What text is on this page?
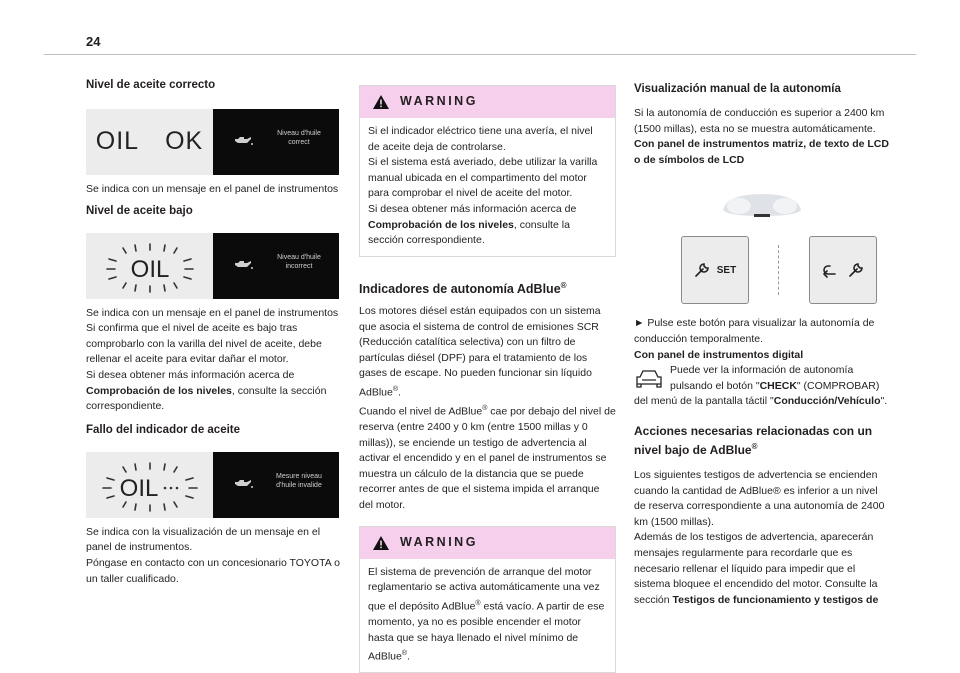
24
Nivel de aceite correcto
OIL OK	Niveau d'huile correct

Se indica con un mensaje en el panel de instrumentos

Nivel de aceite bajo
OIL	Niveau d'huile incorrect

Se indica con un mensaje en el panel de instrumentos

Si confirma que el nivel de aceite es bajo tras comprobarlo con la varilla del nivel de aceite, debe rellenar el aceite para evitar dañar el motor.

Si desea obtener más información acerca de Comprobación de los niveles, consulte la sección correspondiente.

Fallo del indicador de aceite
OIL	Mesure niveau d'huile invalide

Se indica con la visualización de un mensaje en el panel de instrumentos.

Póngase en contacto con un concesionario TOYOTA o un taller cualificado.

WARNING

Si el indicador eléctrico tiene una avería, el nivel de aceite deja de controlarse.

Si el sistema está averiado, debe utilizar la varilla manual ubicada en el compartimento del motor para comprobar el nivel de aceite del motor.

Si desea obtener más información acerca de Comprobación de los niveles, consulte la sección correspondiente.

Indicadores de autonomía AdBlue®

Los motores diésel están equipados con un sistema que asocia el sistema de control de emisiones SCR (Reducción catalítica selectiva) con un filtro de partículas diésel (DPF) para el tratamiento de los gases de escape. No pueden funcionar sin líquido AdBlue®.

Cuando el nivel de AdBlue® cae por debajo del nivel de reserva (entre 2400 y 0 km (entre 1500 millas y 0 millas)), se enciende un testigo de advertencia al activar el encendido y en el panel de instrumentos se muestra un cálculo de la distancia que se puede recorrer antes de que el sistema impida el arranque del motor.

WARNING

El sistema de prevención de arranque del motor reglamentario se activa automáticamente una vez que el depósito AdBlue® está vacío. A partir de ese momento, ya no es posible encender el motor hasta que se haya llenado el nivel mínimo de AdBlue®.

Visualización manual de la autonomía

Si la autonomía de conducción es superior a 2400 km (1500 millas), esta no se muestra automáticamente.

Con panel de instrumentos matriz, de texto de LCD o de símbolos de LCD

SET

► Pulse este botón para visualizar la autonomía de conducción temporalmente.

Con panel de instrumentos digital

Puede ver la información de autonomía pulsando el botón "CHECK" (COMPROBAR) del menú de la pantalla táctil "Conducción/Vehículo".

Acciones necesarias relacionadas con un nivel bajo de AdBlue®

Los siguientes testigos de advertencia se encienden cuando la cantidad de AdBlue® es inferior a un nivel de reserva correspondiente a una autonomía de 2400 km (1500 millas).

Además de los testigos de advertencia, aparecerán mensajes regularmente para recordarle que es necesario rellenar el líquido para impedir que el sistema bloquee el encendido del motor. Consulte la sección Testigos de funcionamiento y testigos de
